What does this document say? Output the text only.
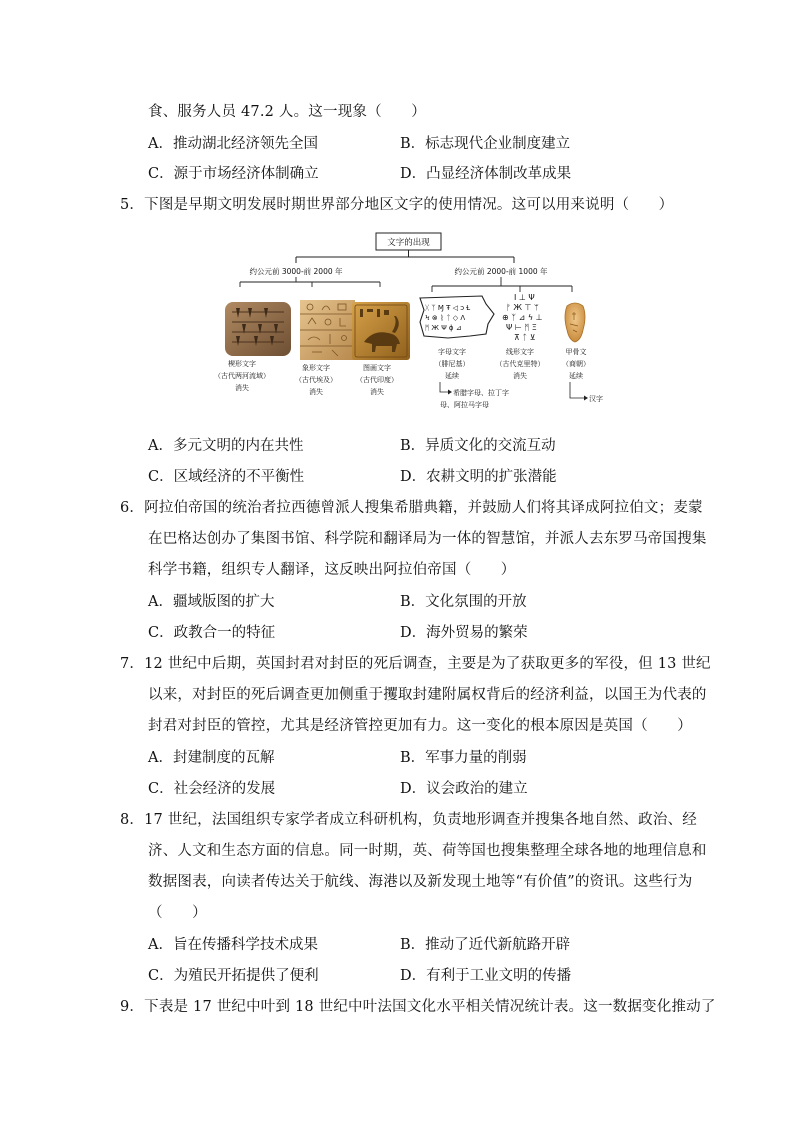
食、服务人员 47.2 人。这一现象（　　）
A．推动湖北经济领先全国	B．标志现代企业制度建立
C．源于市场经济体制确立	D．凸显经济体制改革成果
5．下图是早期文明发展时期世界部分地区文字的使用情况。这可以用来说明（　　）
文字的出现
约公元前 3000-前 2000 年	约公元前 2000-前 1000 年
楔形文字
（古代两河流域）
消失
象形文字
（古代埃及）
消失
图画文字
（古代印度）
消失
ᚷ ᛉ Ɱ Ŧ ◁ ↄ Ɫ
Ϟ ⊗ ᚱ ᛏ ◇ Ʌ
ᛗ Ж Ψ ɸ ⊿
Ⅰ ⊥ Ψ
ᚠ Ж ⊤ ᛘ
⊕ ᛉ ⊿ ϟ ⊥
Ψ ⊢ ᛗ Ξ
⊼ ᛏ ⊻
字母文字
（腓尼基）
延续
线形文字
（古代克里特）
消失
甲骨文
（商朝）
延续
希腊字母、拉丁字
母、阿拉马字母
汉字
A．多元文明的内在共性	B．异质文化的交流互动
C．区域经济的不平衡性	D．农耕文明的扩张潜能
6．阿拉伯帝国的统治者拉西德曾派人搜集希腊典籍，并鼓励人们将其译成阿拉伯文；麦蒙
在巴格达创办了集图书馆、科学院和翻译局为一体的智慧馆，并派人去东罗马帝国搜集
科学书籍，组织专人翻译，这反映出阿拉伯帝国（　　）
A．疆域版图的扩大	B．文化氛围的开放
C．政教合一的特征	D．海外贸易的繁荣
7．12 世纪中后期，英国封君对封臣的死后调查，主要是为了获取更多的军役，但 13 世纪
以来，对封臣的死后调查更加侧重于攫取封建附属权背后的经济利益，以国王为代表的
封君对封臣的管控，尤其是经济管控更加有力。这一变化的根本原因是英国（　　）
A．封建制度的瓦解	B．军事力量的削弱
C．社会经济的发展	D．议会政治的建立
8．17 世纪，法国组织专家学者成立科研机构，负责地形调查并搜集各地自然、政治、经
济、人文和生态方面的信息。同一时期，英、荷等国也搜集整理全球各地的地理信息和
数据图表，向读者传达关于航线、海港以及新发现土地等“有价值”的资讯。这些行为
（　　）
A．旨在传播科学技术成果	B．推动了近代新航路开辟
C．为殖民开拓提供了便利	D．有利于工业文明的传播
9．下表是 17 世纪中叶到 18 世纪中叶法国文化水平相关情况统计表。这一数据变化推动了
